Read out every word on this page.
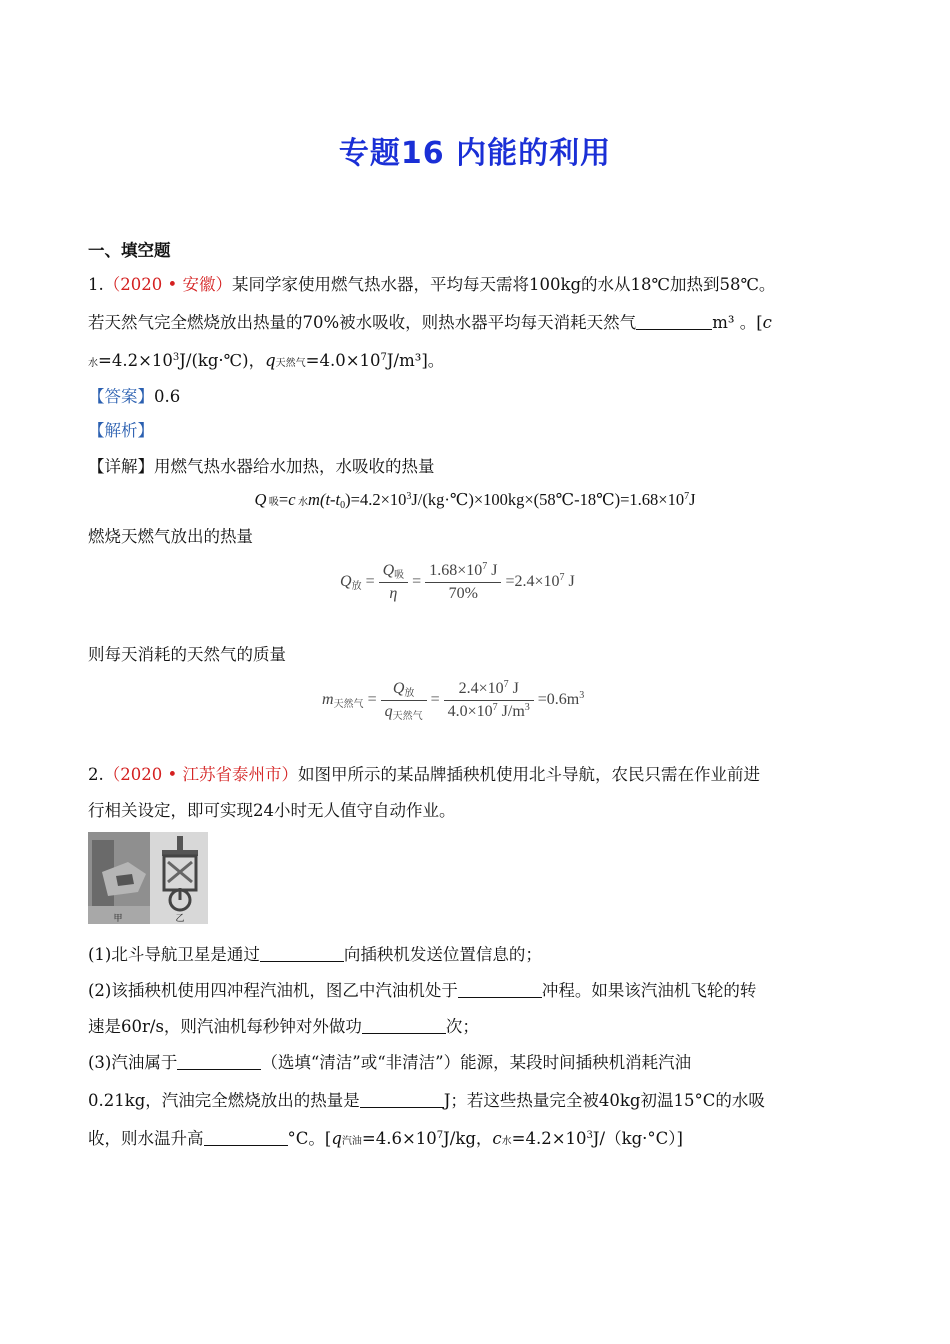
专题16 内能的利用
一、填空题
1.（2020 • 安徽）某同学家使用燃气热水器，平均每天需将100kg的水从18℃加热到58℃。
若天然气完全燃烧放出热量的70%被水吸收，则热水器平均每天消耗天然气	m³ 。[c
水$=4.2\times 10^3J/(kg\cdot℃)$，q天然气$=4.0\times 10^7J/m^3$]。
【答案】0.6
【解析】
【详解】用燃气热水器给水加热，水吸收的热量
Q 吸=c 水$m(t-t_0)=4.2\times 10^3J/(kg\cdot℃)\times 100kg\times(58℃-18℃)=1.68\times 10^7J$
燃烧天燃气放出的热量
$Q_放 = \frac{Q_吸}{\eta} = \frac{1.68\times 10^7 J}{70\%} =2.4\times 10^7$ J
则每天消耗的天然气的质量
$m_{天然气} = \frac{Q_放}{q_{天然气}} = \frac{2.4\times 10^7 J}{4.0\times 10^7 J/m^3} =0.6m^3$
2.（2020 • 江苏省泰州市）如图甲所示的某品牌插秧机使用北斗导航，农民只需在作业前进
行相关设定，即可实现24小时无人值守自动作业。
甲	乙
(1)北斗导航卫星是通过	向插秧机发送位置信息的；
(2)该插秧机使用四冲程汽油机，图乙中汽油机处于	冲程。如果该汽油机飞轮的转
速是60r/s，则汽油机每秒钟对外做功	次；
(3)汽油属于	（选填“清洁”或“非清洁”）能源，某段时间插秧机消耗汽油
0.21kg，汽油完全燃烧放出的热量是	J；若这些热量完全被40kg初温15°C的水吸
收，则水温升高	°C。[q汽油$=4.6\times 10^7J/kg$，c水$=4.2\times 10^3J/(kg\cdot^\circ C)$]
